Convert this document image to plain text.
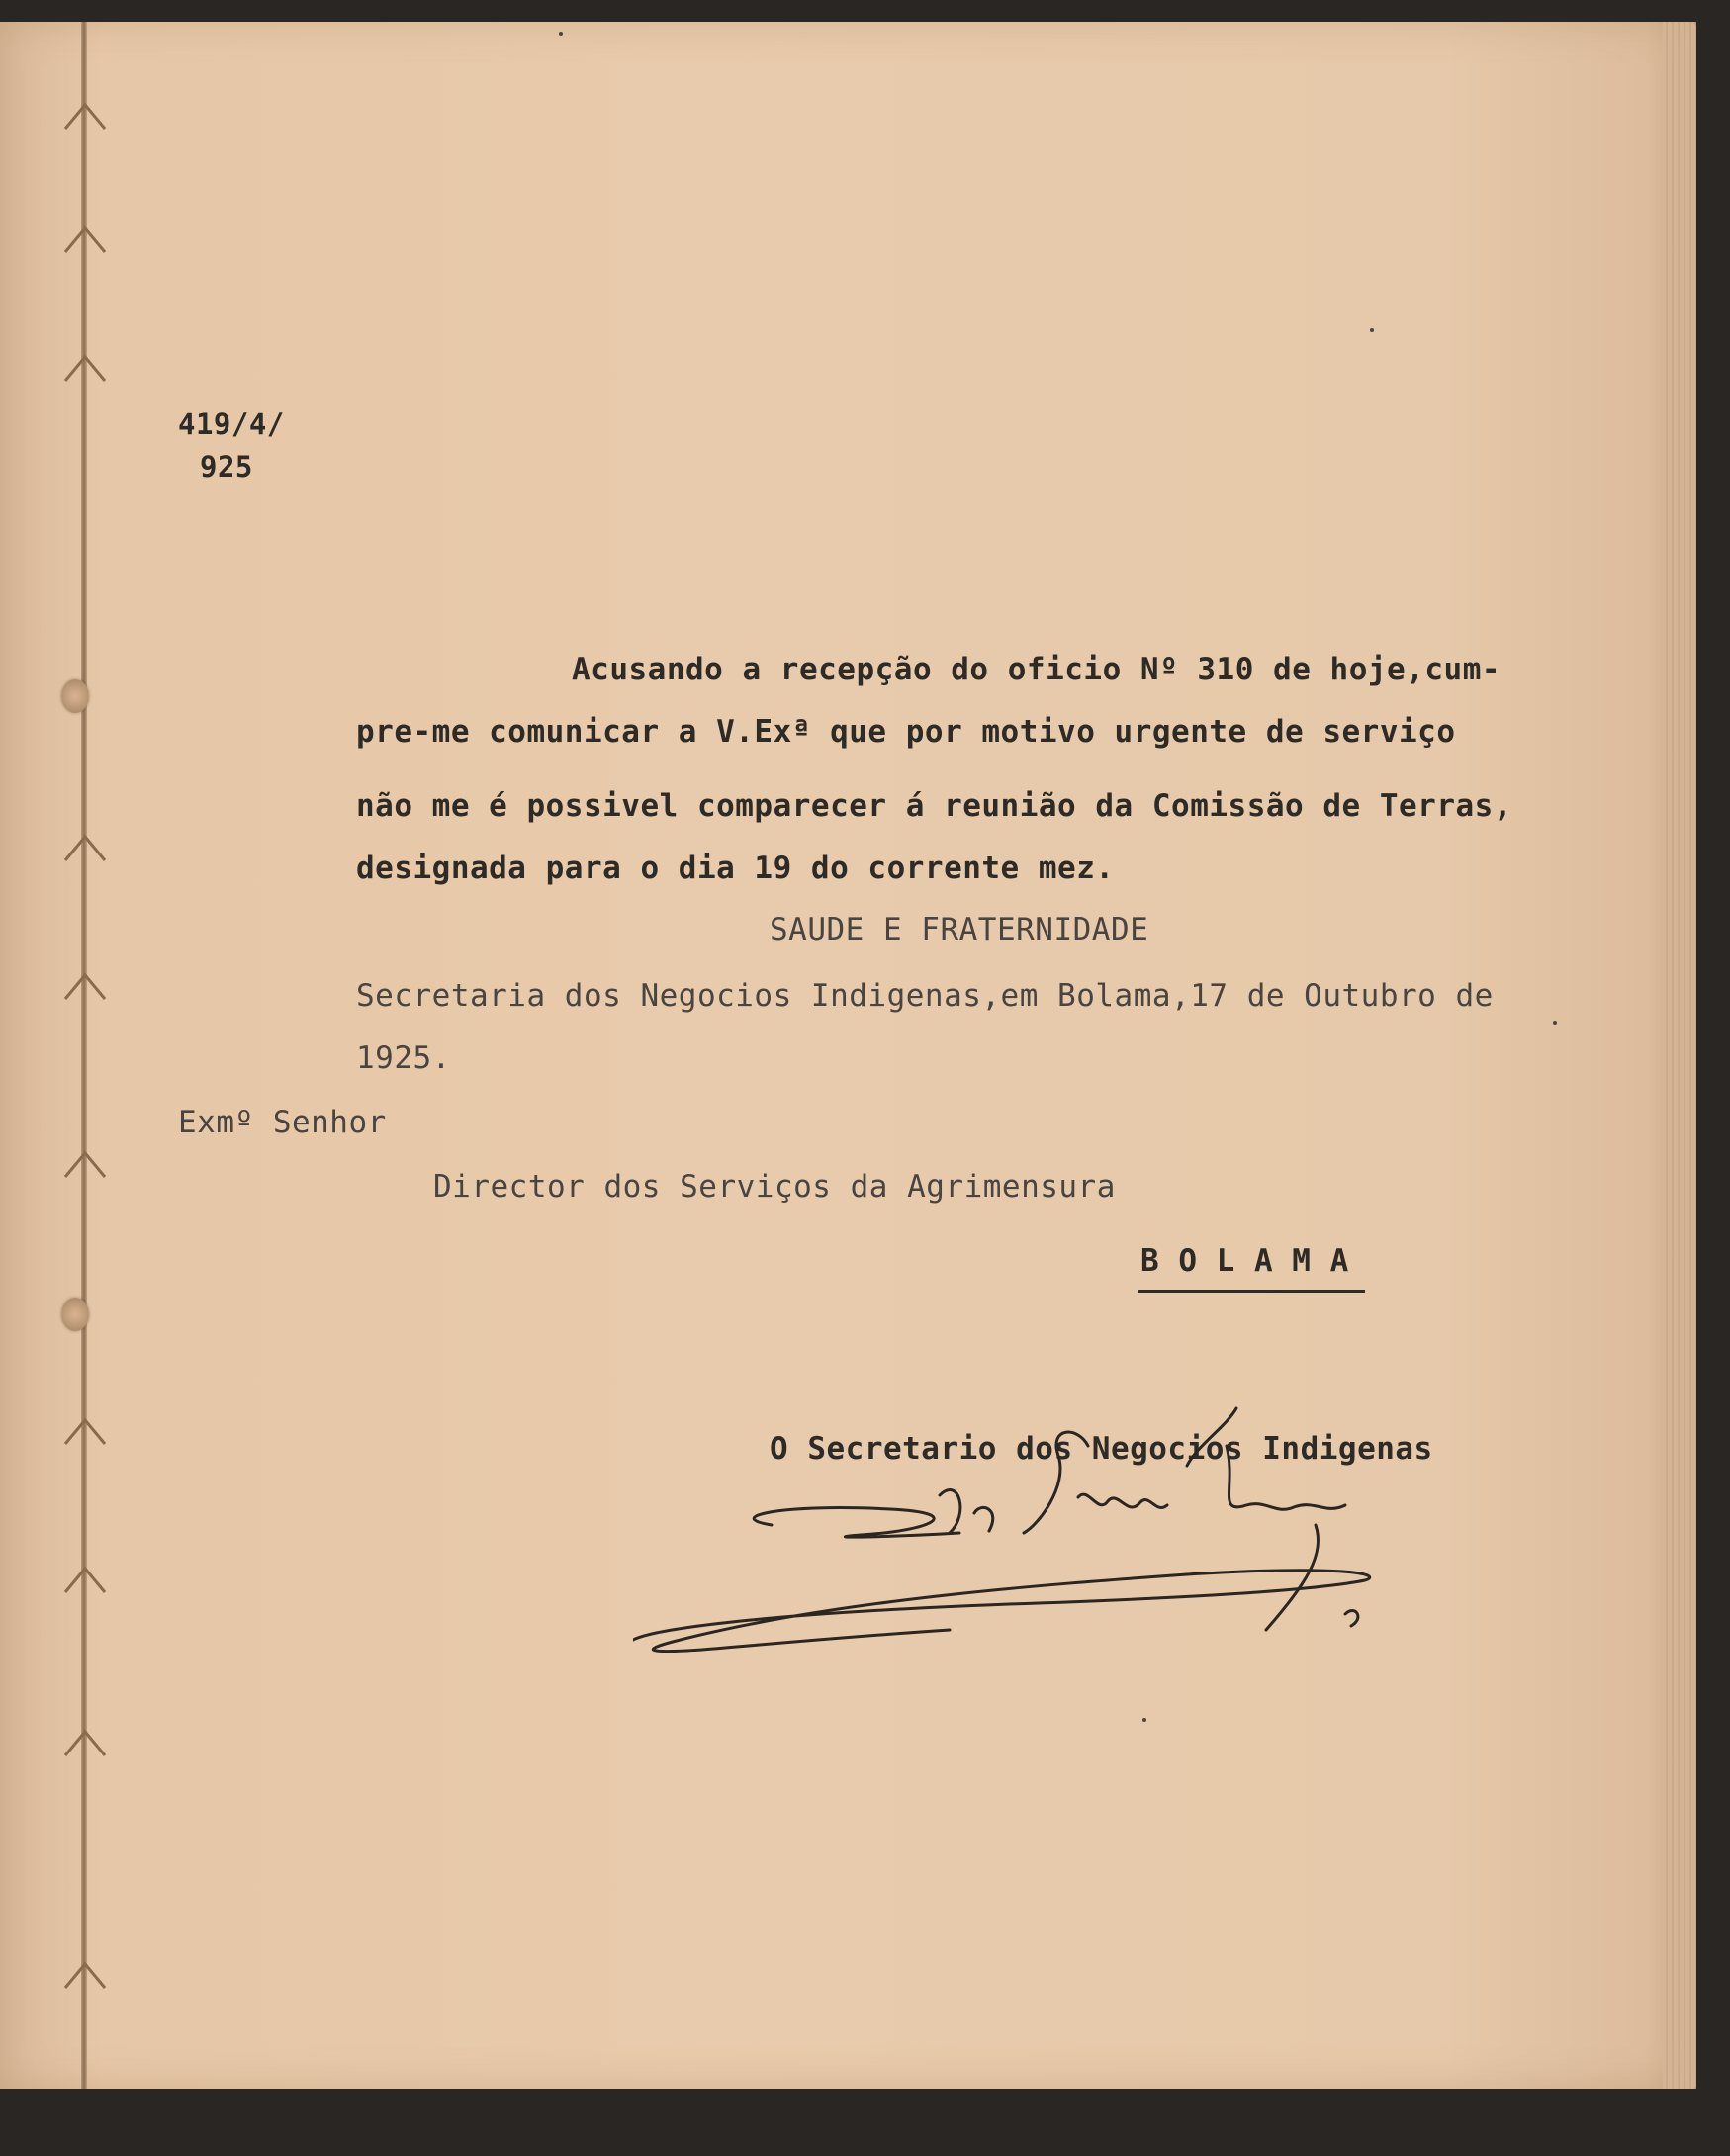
419/4/
925
Acusando a recepção do oficio Nº 310 de hoje,cum-
pre-me comunicar a V.Exª que por motivo urgente de serviço
não me é possivel comparecer á reunião da Comissão de Terras,
designada para o dia 19 do corrente mez.
SAUDE E FRATERNIDADE
Secretaria dos Negocios Indigenas,em Bolama,17 de Outubro de
1925.
Exmº Senhor
Director dos Serviços da Agrimensura
B O L A M A
O Secretario dos Negocios Indigenas
